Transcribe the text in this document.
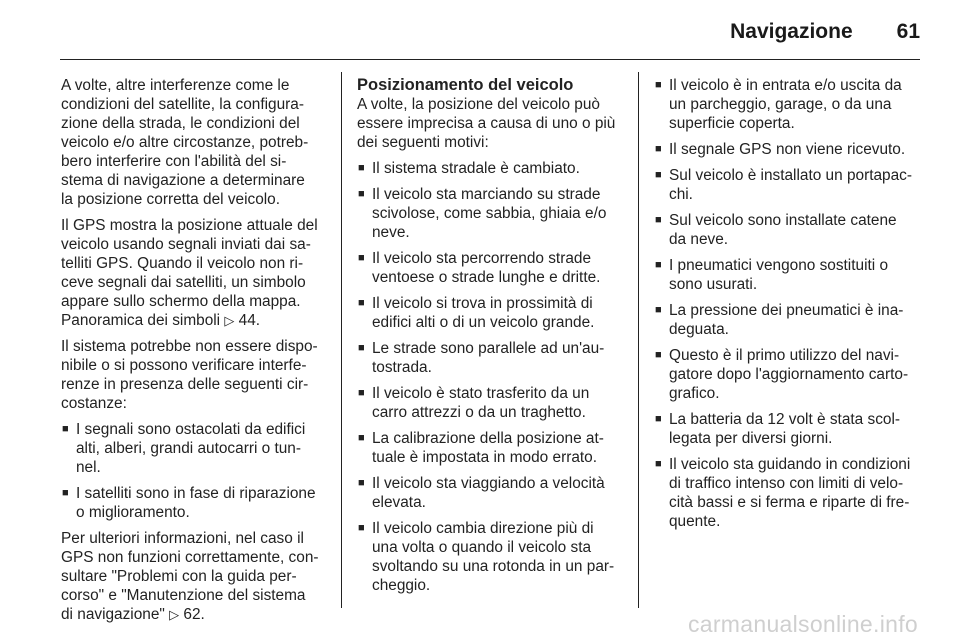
Navigazione 61

A volte, altre interferenze come le
condizioni del satellite, la configura-
zione della strada, le condizioni del
veicolo e/o altre circostanze, potreb-
bero interferire con l'abilità del si-
stema di navigazione a determinare
la posizione corretta del veicolo.

Il GPS mostra la posizione attuale del
veicolo usando segnali inviati dai sa-
telliti GPS. Quando il veicolo non ri-
ceve segnali dai satelliti, un simbolo
appare sullo schermo della mappa.
Panoramica dei simboli ▷ 44.

Il sistema potrebbe non essere dispo-
nibile o si possono verificare interfe-
renze in presenza delle seguenti cir-
costanze:

■ I segnali sono ostacolati da edifici
alti, alberi, grandi autocarri o tun-
nel.
■ I satelliti sono in fase di riparazione
o miglioramento.

Per ulteriori informazioni, nel caso il
GPS non funzioni correttamente, con-
sultare "Problemi con la guida per-
corso" e "Manutenzione del sistema
di navigazione" ▷ 62.

Posizionamento del veicolo

A volte, la posizione del veicolo può
essere imprecisa a causa di uno o più
dei seguenti motivi:

■ Il sistema stradale è cambiato.
■ Il veicolo sta marciando su strade
scivolose, come sabbia, ghiaia e/o
neve.
■ Il veicolo sta percorrendo strade
ventoese o strade lunghe e dritte.
■ Il veicolo si trova in prossimità di
edifici alti o di un veicolo grande.
■ Le strade sono parallele ad un'au-
tostrada.
■ Il veicolo è stato trasferito da un
carro attrezzi o da un traghetto.
■ La calibrazione della posizione at-
tuale è impostata in modo errato.
■ Il veicolo sta viaggiando a velocità
elevata.
■ Il veicolo cambia direzione più di
una volta o quando il veicolo sta
svoltando su una rotonda in un par-
cheggio.
■ Il veicolo è in entrata e/o uscita da
un parcheggio, garage, o da una
superficie coperta.
■ Il segnale GPS non viene ricevuto.
■ Sul veicolo è installato un portapac-
chi.
■ Sul veicolo sono installate catene
da neve.
■ I pneumatici vengono sostituiti o
sono usurati.
■ La pressione dei pneumatici è ina-
deguata.
■ Questo è il primo utilizzo del navi-
gatore dopo l'aggiornamento carto-
grafico.
■ La batteria da 12 volt è stata scol-
legata per diversi giorni.
■ Il veicolo sta guidando in condizioni
di traffico intenso con limiti di velo-
cità bassi e si ferma e riparte di fre-
quente.
carmanualsonline.info
